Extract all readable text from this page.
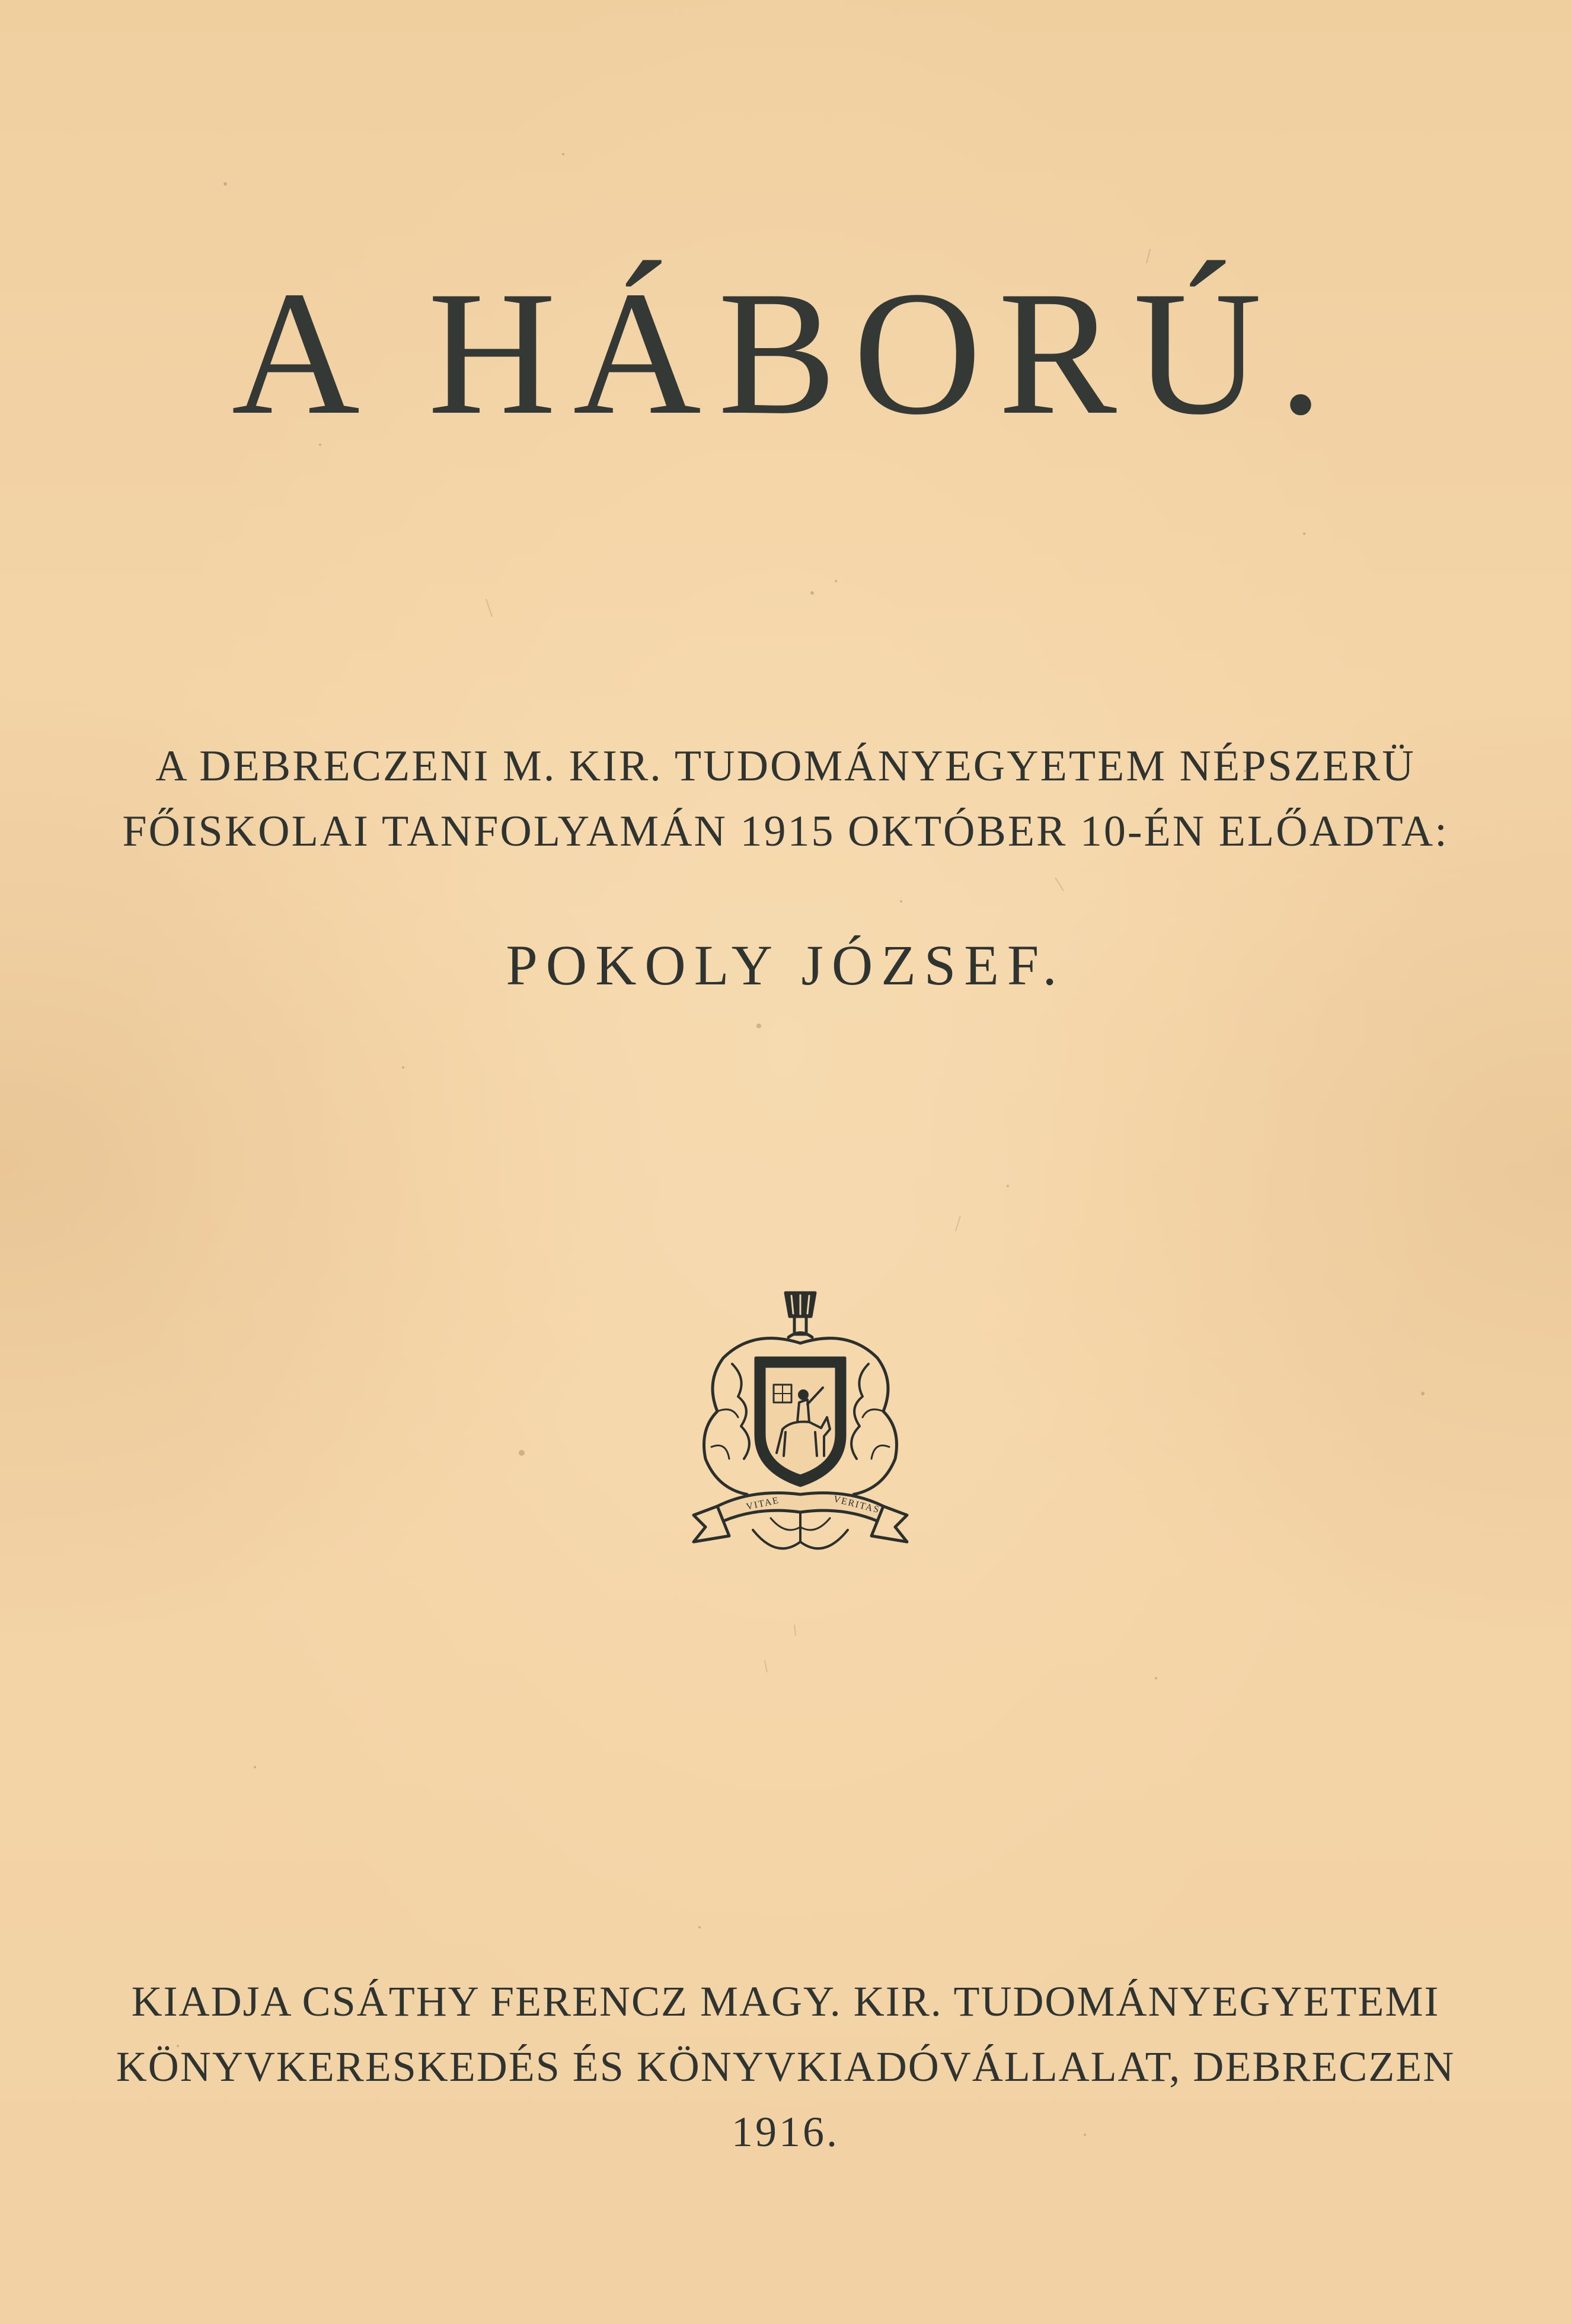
A HÁBORÚ.
A DEBRECZENI M. KIR. TUDOMÁNYEGYETEM NÉPSZERÜ
FŐISKOLAI TANFOLYAMÁN 1915 OKTÓBER 10-ÉN ELŐADTA:
POKOLY JÓZSEF.
VITAE	VERITAS
KIADJA CSÁTHY FERENCZ MAGY. KIR. TUDOMÁNYEGYETEMI
KÖNYVKERESKEDÉS ÉS KÖNYVKIADÓVÁLLALAT, DEBRECZEN
1916.
